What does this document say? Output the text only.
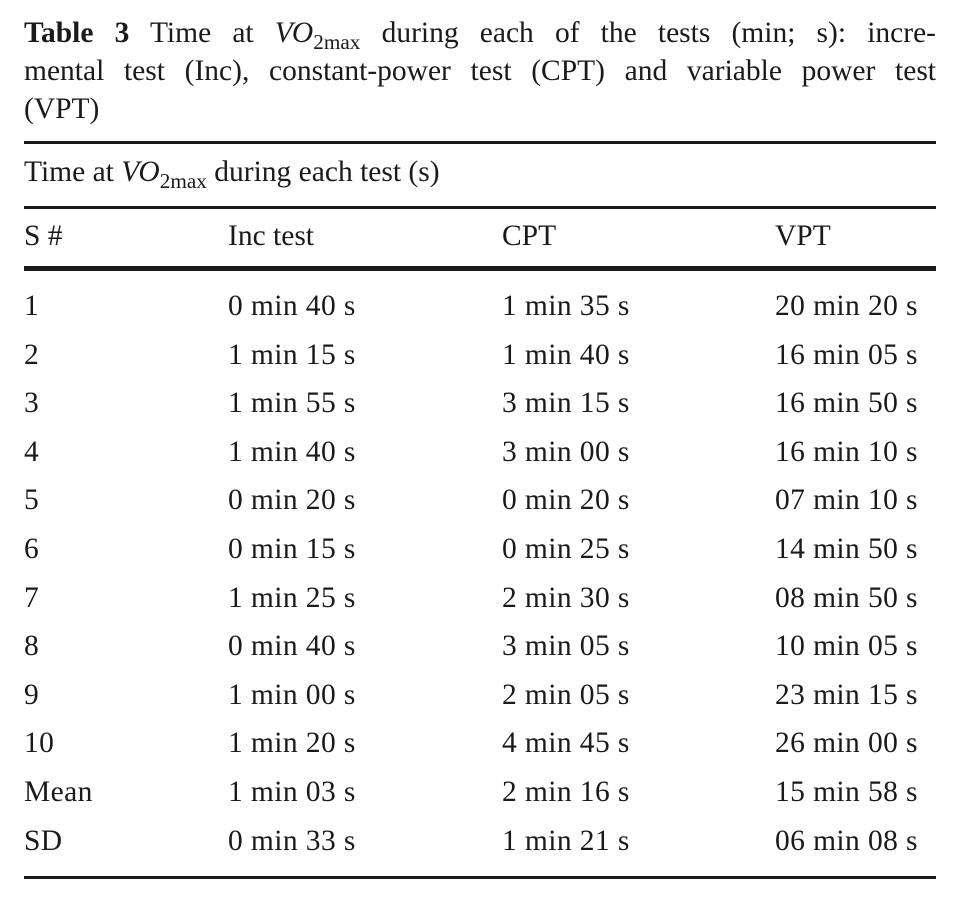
Table 3 Time at $VO_{2max}$ during each of the tests (min; s): incre-
mental test (Inc), constant-power test (CPT) and variable power test
(VPT)
Time at $VO_{2max}$ during each test (s)
S #	Inc test	CPT	VPT
1	0 min 40 s	1 min 35 s	20 min 20 s
2	1 min 15 s	1 min 40 s	16 min 05 s
3	1 min 55 s	3 min 15 s	16 min 50 s
4	1 min 40 s	3 min 00 s	16 min 10 s
5	0 min 20 s	0 min 20 s	07 min 10 s
6	0 min 15 s	0 min 25 s	14 min 50 s
7	1 min 25 s	2 min 30 s	08 min 50 s
8	0 min 40 s	3 min 05 s	10 min 05 s
9	1 min 00 s	2 min 05 s	23 min 15 s
10	1 min 20 s	4 min 45 s	26 min 00 s
Mean	1 min 03 s	2 min 16 s	15 min 58 s
SD	0 min 33 s	1 min 21 s	06 min 08 s
